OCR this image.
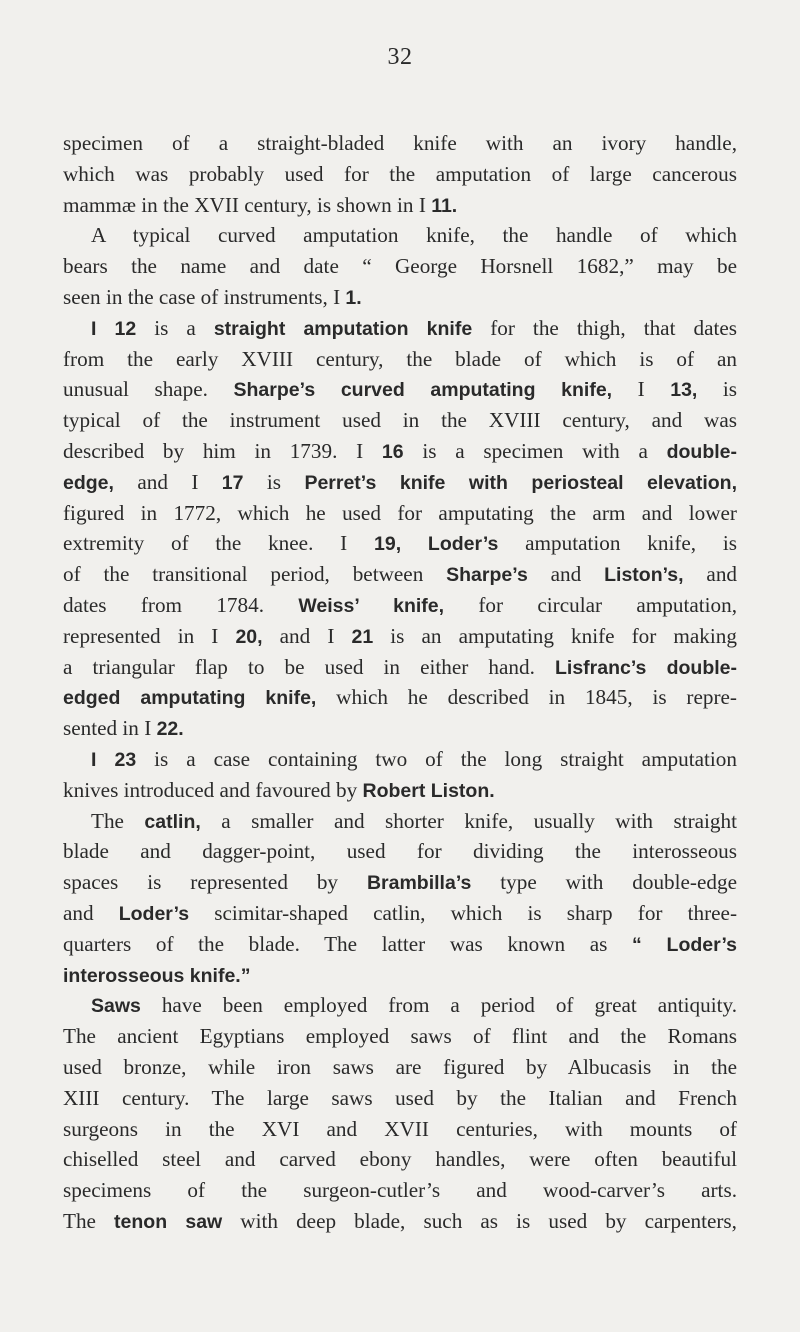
32
specimen of a straight-bladed knife with an ivory handle,
which was probably used for the amputation of large cancerous
mammæ in the XVII century, is shown in I 11.
A typical curved amputation knife, the handle of which
bears the name and date “ George Horsnell 1682,” may be
seen in the case of instruments, I 1.
I 12 is a straight amputation knife for the thigh, that dates
from the early XVIII century, the blade of which is of an
unusual shape. Sharpe’s curved amputating knife, I 13, is
typical of the instrument used in the XVIII century, and was
described by him in 1739. I 16 is a specimen with a double-
edge, and I 17 is Perret’s knife with periosteal elevation,
figured in 1772, which he used for amputating the arm and lower
extremity of the knee. I 19, Loder’s amputation knife, is
of the transitional period, between Sharpe’s and Liston’s, and
dates from 1784. Weiss’ knife, for circular amputation,
represented in I 20, and I 21 is an amputating knife for making
a triangular flap to be used in either hand. Lisfranc’s double-
edged amputating knife, which he described in 1845, is repre-
sented in I 22.
I 23 is a case containing two of the long straight amputation
knives introduced and favoured by Robert Liston.
The catlin, a smaller and shorter knife, usually with straight
blade and dagger-point, used for dividing the interosseous
spaces is represented by Brambilla’s type with double-edge
and Loder’s scimitar-shaped catlin, which is sharp for three-
quarters of the blade. The latter was known as “ Loder’s
interosseous knife.”
Saws have been employed from a period of great antiquity.
The ancient Egyptians employed saws of flint and the Romans
used bronze, while iron saws are figured by Albucasis in the
XIII century. The large saws used by the Italian and French
surgeons in the XVI and XVII centuries, with mounts of
chiselled steel and carved ebony handles, were often beautiful
specimens of the surgeon-cutler’s and wood-carver’s arts.
The tenon saw with deep blade, such as is used by carpenters,
